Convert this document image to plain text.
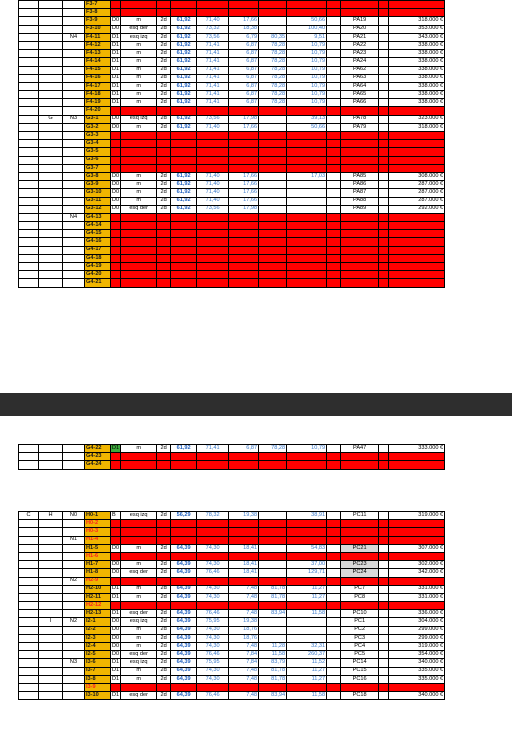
			F3-7												
			F3-8												
			F3-9	D0	m	2d	61,92	71,40	17,66		50,66		PA19		318.000 €
			F3-10	D0	esq der	2d	61,92	73,32	18,38		100,40		PA20		353.000 €
		N4	F4-11	D1	esq izq	2d	61,92	73,56	6,79	80,35	9,51		PA21		343.000 €
			F4-12	D1	m	2d	61,92	71,41	6,87	78,28	10,79		PA22		338.000 €
			F4-13	D1	m	2d	61,92	71,41	6,87	78,28	10,79		PA23		338.000 €
			F4-14	D1	m	2d	61,92	71,41	6,87	78,28	10,79		PA24		338.000 €
			F4-15	D1	m	2d	61,92	71,41	6,87	78,28	10,79		PA62		338.000 €
			F4-16	D1	m	2d	61,92	71,41	6,87	78,28	10,79		PA63		338.000 €
			F4-17	D1	m	2d	61,92	71,41	6,87	78,28	10,79		PA64		338.000 €
			F4-18	D1	m	2d	61,92	71,41	6,87	78,28	10,79		PA65		338.000 €
			F4-19	D1	m	2d	61,92	71,41	6,87	78,28	10,79		PA66		338.000 €
			F4-20												
	G	N3	G3-1	D0	esq izq	2d	61,92	73,56	17,98		39,13		PA78		323.000 €
			G3-2	D0	m	2d	61,92	71,40	17,66		50,66		PA79		318.000 €
			G3-3												
			G3-4												
			G3-5												
			G3-6												
			G3-7												
			G3-8	D0	m	2d	61,92	71,40	17,66		17,03		PA85		308.000 €
			G3-9	D0	m	2d	61,92	71,40	17,66				PA86		287.000 €
			G3-10	D0	m	2d	61,92	71,40	17,66				PA87		287.000 €
			G3-11	D0	m	2d	61,92	71,40	17,66				PA88		287.000 €
			G3-12	D0	esq der	2d	61,92	73,56	17,98				PA89		292.000 €
		N4	G4-13												
			G4-14												
			G4-15												
			G4-16												
			G4-17												
			G4-18												
			G4-19												
			G4-20												
			G4-21												
			G4-22	D1	m	2d	61,92	71,41	6,87	78,28	10,79		PA47		333.000 €
			G4-23												
			G4-24												
C	H	N0	H0-1	B	esq izq	2d	56,29	78,32	19,38		38,91		PC11		319.000 €
			H0-2												
			H0-3												
		N1	H1-4												
			H1-5	D0	m	2d	64,39	74,30	18,41		54,83		PC21		307.000 €
			H1-6												
			H1-7	D0	m	2d	64,39	74,30	18,41		37,00		PC23		302.000 €
			H1-8	D0	esq der	2d	64,39	76,46	18,41		129,71		PC24		342.000 €
		N2	H2-9												
			H2-10	D1	m	2d	64,39	74,30	7,48	81,78	11,27		PC7		331.000 €
			H2-11	D1	m	2d	64,39	74,30	7,48	81,78	11,27		PC8		331.000 €
			H2-12												
			H2-13	D1	esq der	2d	64,39	76,46	7,48	83,94	11,58		PC10		336.000 €
	I	N2	I2-1	D0	esq izq	2d	64,39	75,95	19,38				PC1		304.000 €
			I2-2	D0	m	2d	64,39	74,30	18,76				PC2		299.000 €
			I2-3	D0	m	2d	64,39	74,30	18,76				PC3		299.000 €
			I2-4	D0	m	2d	64,39	74,30	7,48	11,28	32,31		PC4		319.000 €
			I2-5	D0	esq der	2d	64,39	76,46	7,84	11,58	260,37		PC5		354.000 €
		N3	I3-6	D1	esq izq	2d	64,39	75,95	7,84	83,79	11,52		PC14		340.000 €
			I3-7	D1	m	2d	64,39	74,30	7,48	81,78	11,27		PC15		335.000 €
			I3-8	D1	m	2d	64,39	74,30	7,48	81,78	11,27		PC16		335.000 €
			I3-9												
			I3-10	D1	esq der	2d	64,39	76,46	7,48	83,94	11,58		PC18		340.000 €
